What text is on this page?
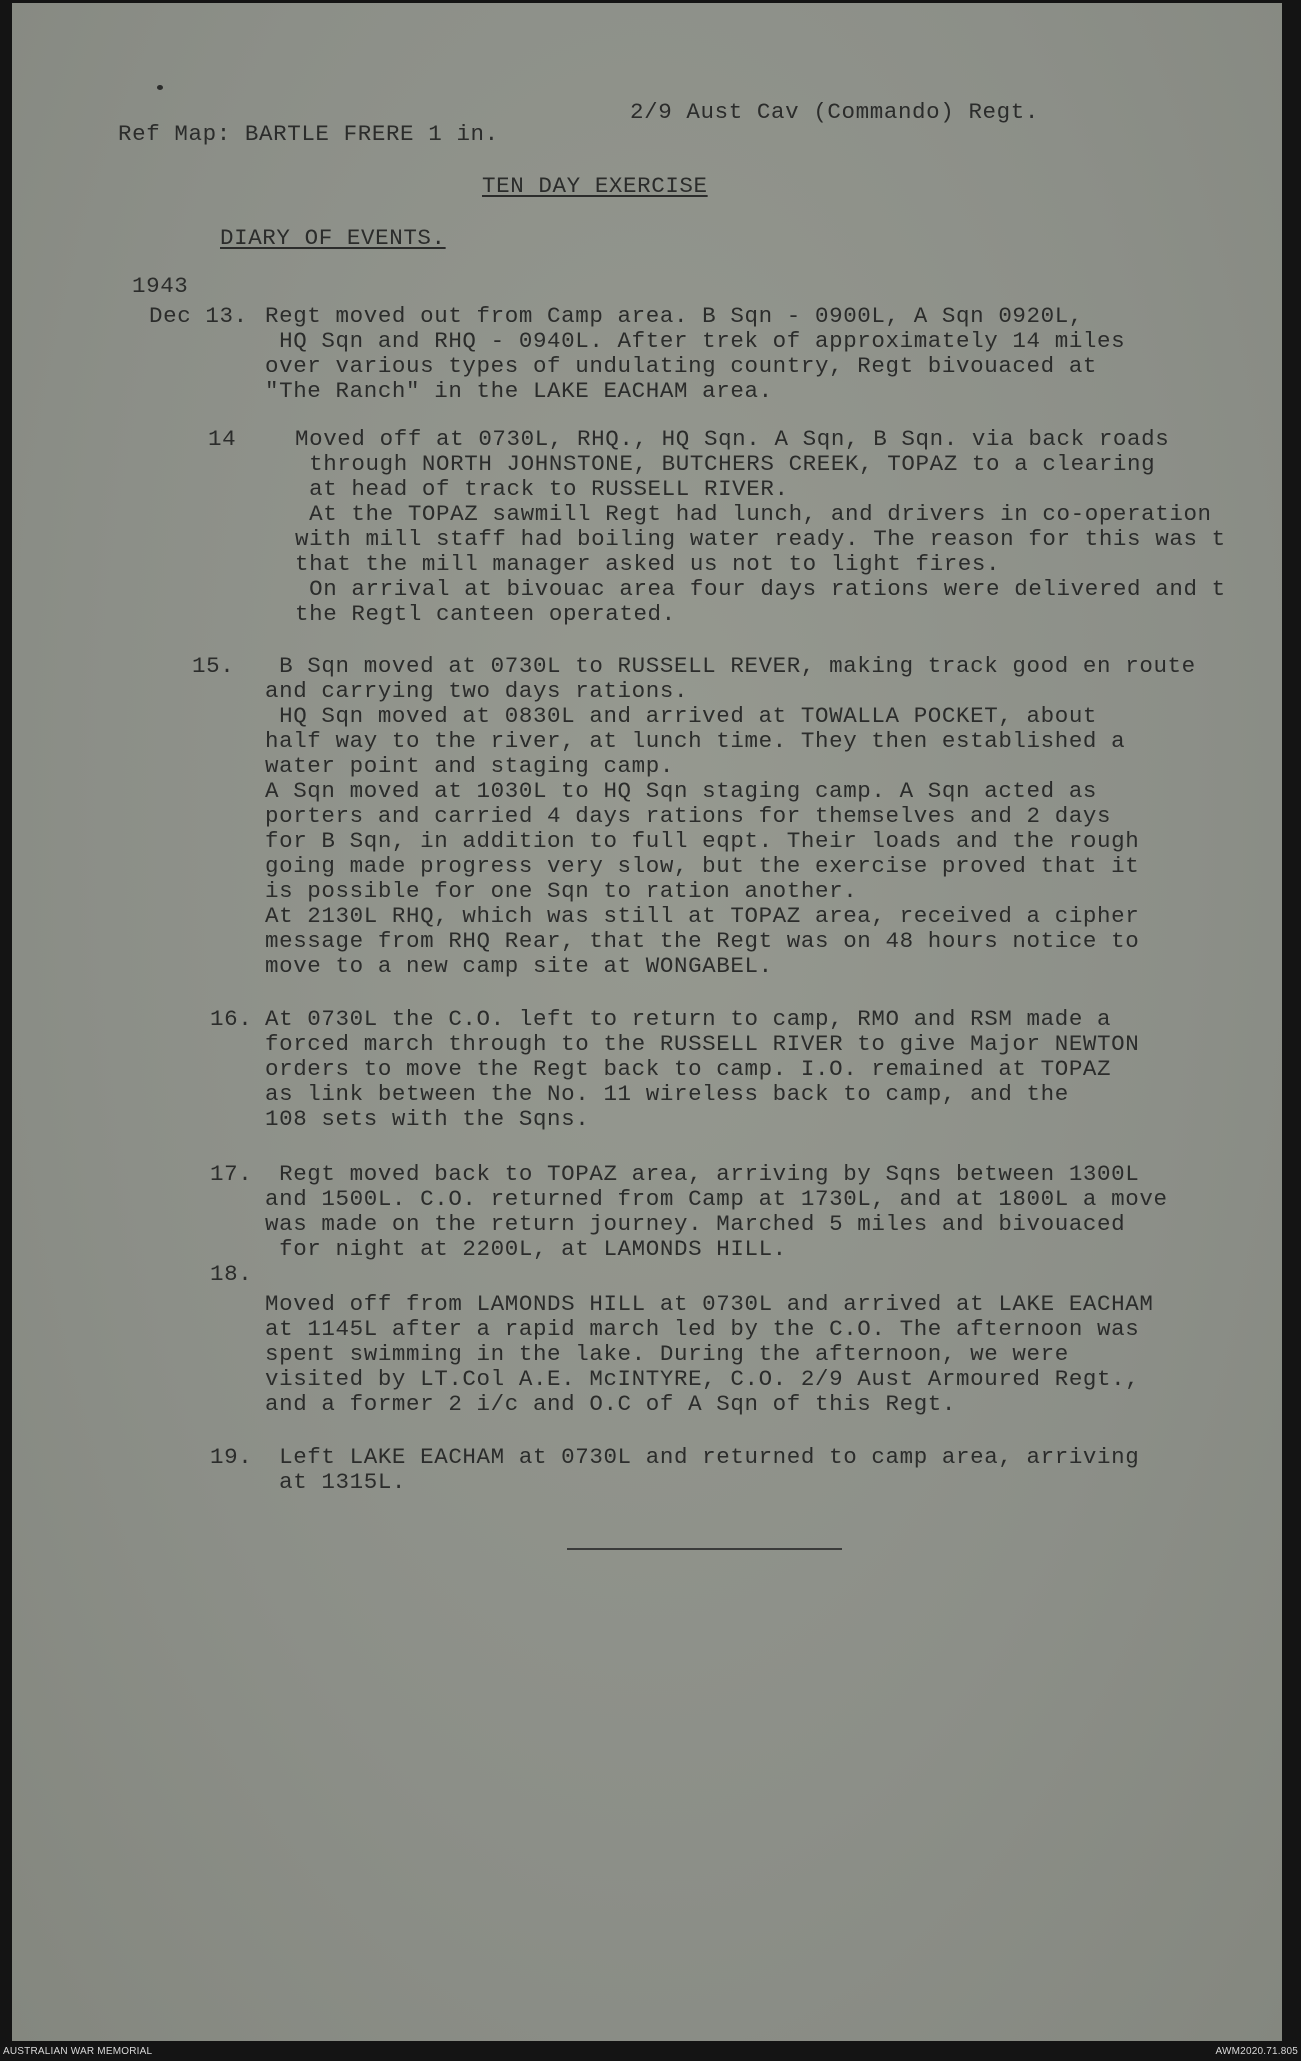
2/9 Aust Cav (Commando) Regt.
Ref Map: BARTLE FRERE 1 in.
TEN DAY EXERCISE
DIARY OF EVENTS.
1943
Dec 13. Regt moved out from Camp area. B Sqn - 0900L, A Sqn 0920L,
HQ Sqn and RHQ - 0940L. After trek of approximately 14 miles
over various types of undulating country, Regt bivouaced at
"The Ranch" in the LAKE EACHAM area.
14	Moved off at 0730L, RHQ., HQ Sqn. A Sqn, B Sqn. via back roads
through NORTH JOHNSTONE, BUTCHERS CREEK, TOPAZ to a clearing
at head of track to RUSSELL RIVER.
At the TOPAZ sawmill Regt had lunch, and drivers in co-operation
with mill staff had boiling water ready. The reason for this was t
that the mill manager asked us not to light fires.
On arrival at bivouac area four days rations were delivered and t
the Regtl canteen operated.
15. B Sqn moved at 0730L to RUSSELL REVER, making track good en route
and carrying two days rations.
HQ Sqn moved at 0830L and arrived at TOWALLA POCKET, about
half way to the river, at lunch time. They then established a
water point and staging camp.
A Sqn moved at 1030L to HQ Sqn staging camp. A Sqn acted as
porters and carried 4 days rations for themselves and 2 days
for B Sqn, in addition to full eqpt. Their loads and the rough
going made progress very slow, but the exercise proved that it
is possible for one Sqn to ration another.
At 2130L RHQ, which was still at TOPAZ area, received a cipher
message from RHQ Rear, that the Regt was on 48 hours notice to
move to a new camp site at WONGABEL.
16. At 0730L the C.O. left to return to camp, RMO and RSM made a
forced march through to the RUSSELL RIVER to give Major NEWTON
orders to move the Regt back to camp. I.O. remained at TOPAZ
as link between the No. 11 wireless back to camp, and the
108 sets with the Sqns.
17. Regt moved back to TOPAZ area, arriving by Sqns between 1300L
and 1500L. C.O. returned from Camp at 1730L, and at 1800L a move
was made on the return journey. Marched 5 miles and bivouaced
for night at 2200L, at LAMONDS HILL.
18.
Moved off from LAMONDS HILL at 0730L and arrived at LAKE EACHAM
at 1145L after a rapid march led by the C.O. The afternoon was
spent swimming in the lake. During the afternoon, we were
visited by LT.Col A.E. McINTYRE, C.O. 2/9 Aust Armoured Regt.,
and a former 2 i/c and O.C of A Sqn of this Regt.
19. Left LAKE EACHAM at 0730L and returned to camp area, arriving
at 1315L.
AUSTRALIAN WAR MEMORIAL	AWM2020.71.805
